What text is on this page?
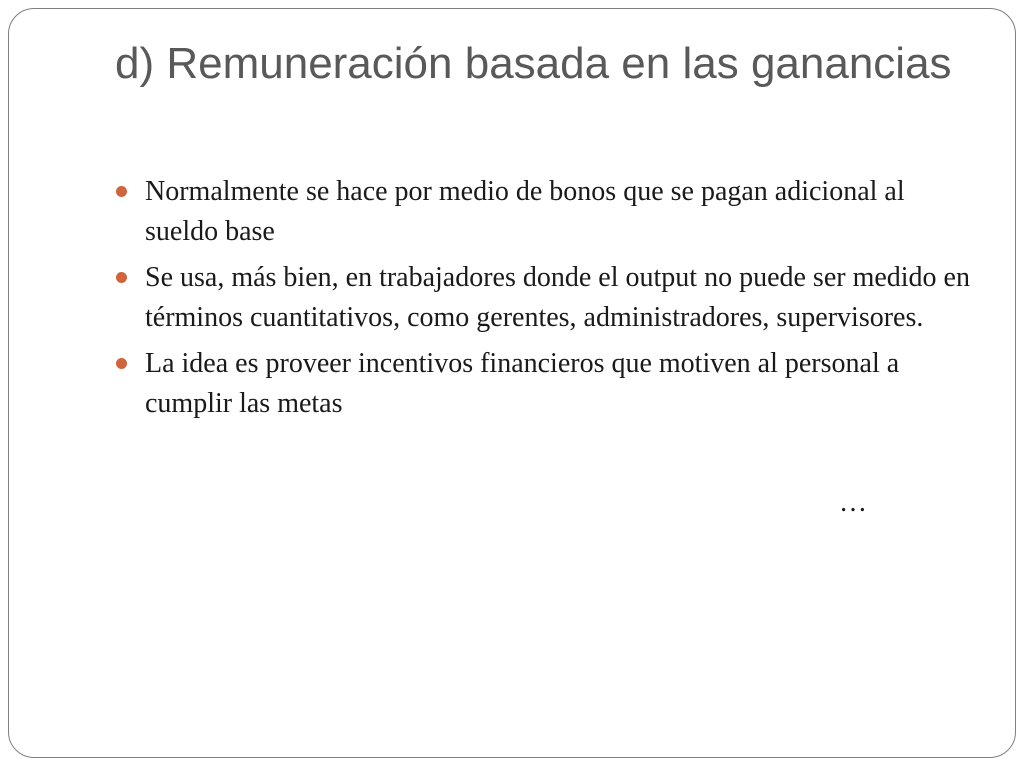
d) Remuneración basada en las ganancias
Normalmente se hace por medio de bonos que se pagan adicional al sueldo base
Se usa, más bien, en trabajadores donde el output no puede ser medido en términos cuantitativos, como gerentes, administradores, supervisores.
La idea es proveer incentivos financieros que motiven al personal a cumplir las metas
…
